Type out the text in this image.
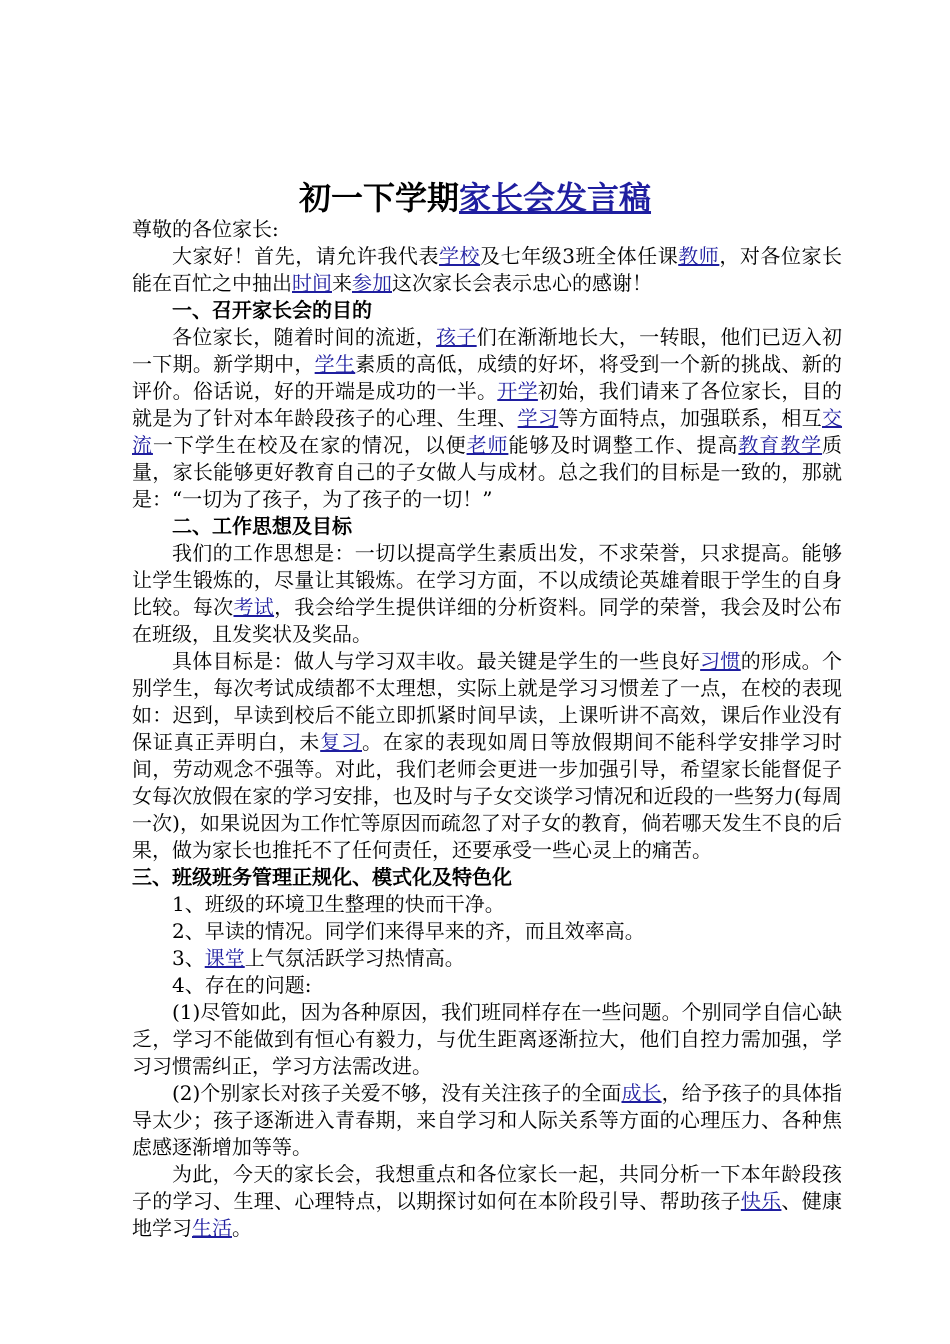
初一下学期家长会发言稿

尊敬的各位家长:

大家好！首先，请允许我代表学校及七年级3班全体任课教师，对各位家长能在百忙之中抽出时间来参加这次家长会表示忠心的感谢！

一、召开家长会的目的

各位家长，随着时间的流逝，孩子们在渐渐地长大，一转眼，他们已迈入初一下期。新学期中，学生素质的高低，成绩的好坏，将受到一个新的挑战、新的评价。俗话说，好的开端是成功的一半。开学初始，我们请来了各位家长，目的就是为了针对本年龄段孩子的心理、生理、学习等方面特点，加强联系，相互交流一下学生在校及在家的情况，以便老师能够及时调整工作、提高教育教学质量，家长能够更好教育自己的子女做人与成材。总之我们的目标是一致的，那就是：“一切为了孩子，为了孩子的一切！”

二、工作思想及目标

我们的工作思想是：一切以提高学生素质出发，不求荣誉，只求提高。能够让学生锻炼的，尽量让其锻炼。在学习方面，不以成绩论英雄着眼于学生的自身比较。每次考试，我会给学生提供详细的分析资料。同学的荣誉，我会及时公布在班级，且发奖状及奖品。

具体目标是：做人与学习双丰收。最关键是学生的一些良好习惯的形成。个别学生，每次考试成绩都不太理想，实际上就是学习习惯差了一点，在校的表现如：迟到，早读到校后不能立即抓紧时间早读，上课听讲不高效，课后作业没有保证真正弄明白，未复习。在家的表现如周日等放假期间不能科学安排学习时间，劳动观念不强等。对此，我们老师会更进一步加强引导，希望家长能督促子女每次放假在家的学习安排，也及时与子女交谈学习情况和近段的一些努力(每周一次)，如果说因为工作忙等原因而疏忽了对子女的教育，倘若哪天发生不良的后果，做为家长也推托不了任何责任，还要承受一些心灵上的痛苦。

三、班级班务管理正规化、模式化及特色化

1、班级的环境卫生整理的快而干净。

2、早读的情况。同学们来得早来的齐，而且效率高。

3、课堂上气氛活跃学习热情高。

4、存在的问题:

(1)尽管如此，因为各种原因，我们班同样存在一些问题。个别同学自信心缺乏，学习不能做到有恒心有毅力，与优生距离逐渐拉大，他们自控力需加强，学习习惯需纠正，学习方法需改进。

(2)个别家长对孩子关爱不够，没有关注孩子的全面成长，给予孩子的具体指导太少；孩子逐渐进入青春期，来自学习和人际关系等方面的心理压力、各种焦虑感逐渐增加等等。

为此，今天的家长会，我想重点和各位家长一起，共同分析一下本年龄段孩子的学习、生理、心理特点，以期探讨如何在本阶段引导、帮助孩子快乐、健康地学习生活。
